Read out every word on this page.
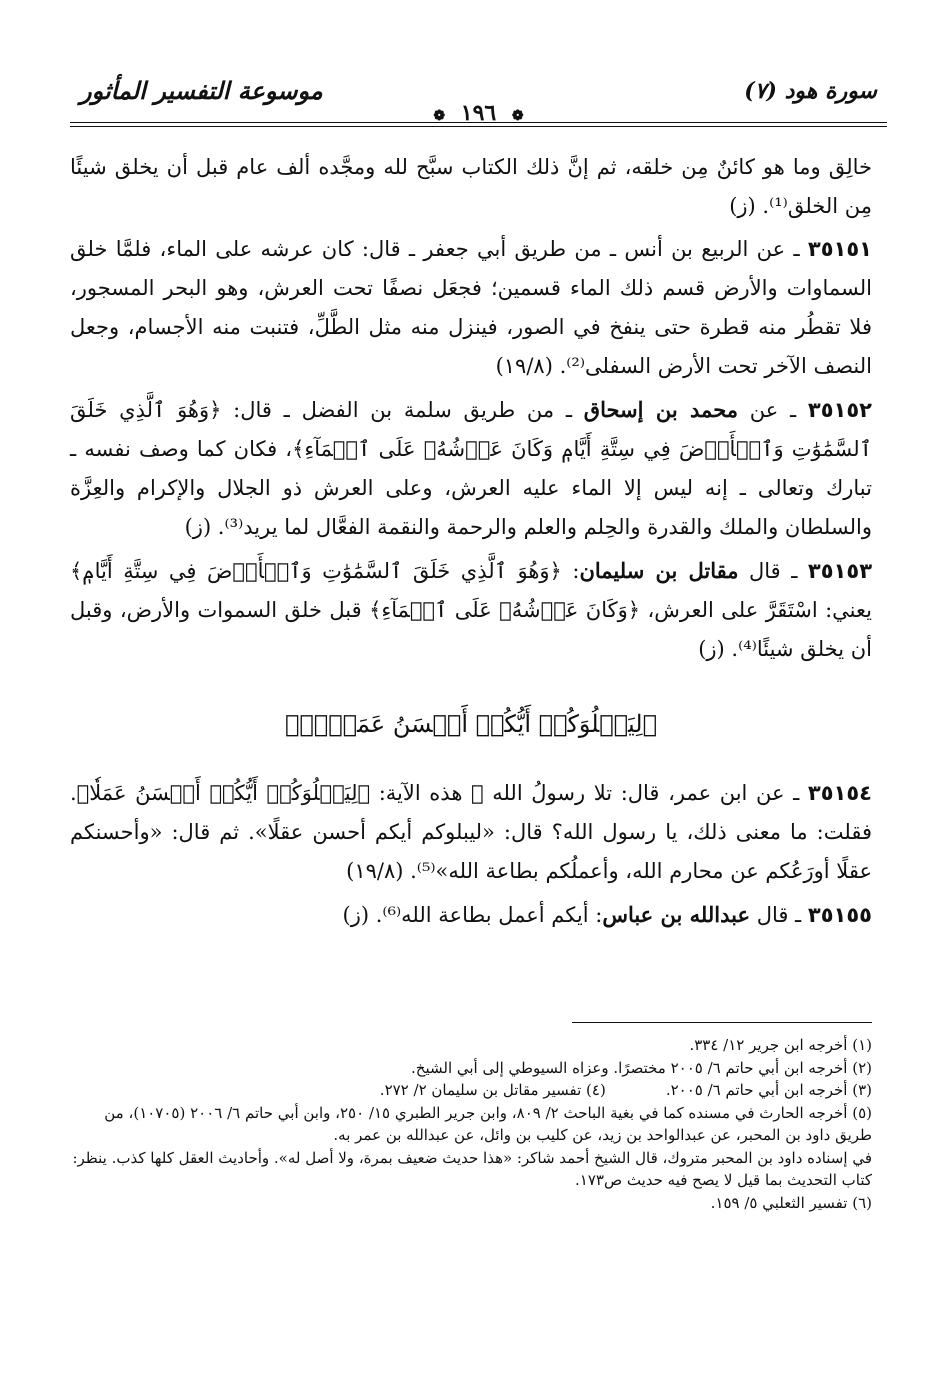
سورة هود (٧)
موسوعة التفسير المأثور
❁ ١٩٦ ❁

خالِق وما هو كائنٌ مِن خلقه، ثم إنَّ ذلك الكتاب سبَّح لله ومجَّده ألف عام قبل أن يخلق شيئًا مِن الخلق⁽¹⁾. (ز)

٣٥١٥١ ـ عن الربيع بن أنس ـ من طريق أبي جعفر ـ قال: كان عرشه على الماء، فلمَّا خلق السماوات والأرض قسم ذلك الماء قسمين؛ فجعَل نصفًا تحت العرش، وهو البحر المسجور، فلا تقطُر منه قطرة حتى ينفخ في الصور، فينزل منه مثل الطَّلِّ، فتنبت منه الأجسام، وجعل النصف الآخر تحت الأرض السفلى⁽²⁾. (١٩/٨)

٣٥١٥٢ ـ عن محمد بن إسحاق ـ من طريق سلمة بن الفضل ـ قال: ﴿وَهُوَ ٱلَّذِي خَلَقَ ٱلسَّمَٰوَٰتِ وَٱلۡأَرۡضَ فِي سِتَّةِ أَيَّامٖ وَكَانَ عَرۡشُهُۥ عَلَى ٱلۡمَآءِ﴾، فكان كما وصف نفسه ـ تبارك وتعالى ـ إنه ليس إلا الماء عليه العرش، وعلى العرش ذو الجلال والإكرام والعِزَّة والسلطان والملك والقدرة والحِلم والعلم والرحمة والنقمة الفعَّال لما يريد⁽³⁾. (ز)

٣٥١٥٣ ـ قال مقاتل بن سليمان: ﴿وَهُوَ ٱلَّذِي خَلَقَ ٱلسَّمَٰوَٰتِ وَٱلۡأَرۡضَ فِي سِتَّةِ أَيَّامٖ﴾ يعني: اسْتَقَرَّ على العرش، ﴿وَكَانَ عَرۡشُهُۥ عَلَى ٱلۡمَآءِ﴾ قبل خلق السموات والأرض، وقبل أن يخلق شيئًا⁽⁴⁾. (ز)

﴿لِيَبۡلُوَكُمۡ أَيُّكُمۡ أَحۡسَنُ عَمَلٗاۗ﴾

٣٥١٥٤ ـ عن ابن عمر، قال: تلا رسولُ الله ﷺ هذه الآية: ﴿لِيَبۡلُوَكُمۡ أَيُّكُمۡ أَحۡسَنُ عَمَلٗا﴾. فقلت: ما معنى ذلك، يا رسول الله؟ قال: «ليبلوكم أيكم أحسن عقلًا». ثم قال: «وأحسنكم عقلًا أورَعُكم عن محارم الله، وأعملُكم بطاعة الله»⁽⁵⁾. (١٩/٨)

٣٥١٥٥ ـ قال عبدالله بن عباس: أيكم أعمل بطاعة الله⁽⁶⁾. (ز)

(١) أخرجه ابن جرير ١٢/ ٣٣٤.
(٢) أخرجه ابن أبي حاتم ٦/ ٢٠٠٥ مختصرًا. وعزاه السيوطي إلى أبي الشيخ.
(٣) أخرجه ابن أبي حاتم ٦/ ٢٠٠٥.
(٤) تفسير مقاتل بن سليمان ٢/ ٢٧٢.
(٥) أخرجه الحارث في مسنده كما في بغية الباحث ٢/ ٨٠٩، وابن جرير الطبري ١٥/ ٢٥٠، وابن أبي حاتم ٦/ ٢٠٠٦ (١٠٧٠٥)، من طريق داود بن المحبر، عن عبدالواحد بن زيد، عن كليب بن وائل، عن عبدالله بن عمر به.
في إسناده داود بن المحبر متروك، قال الشيخ أحمد شاكر: «هذا حديث ضعيف بمرة، ولا أصل له». وأحاديث العقل كلها كذب. ينظر: كتاب التحديث بما قيل لا يصح فيه حديث ص١٧٣.
(٦) تفسير الثعلبي ٥/ ١٥٩.
